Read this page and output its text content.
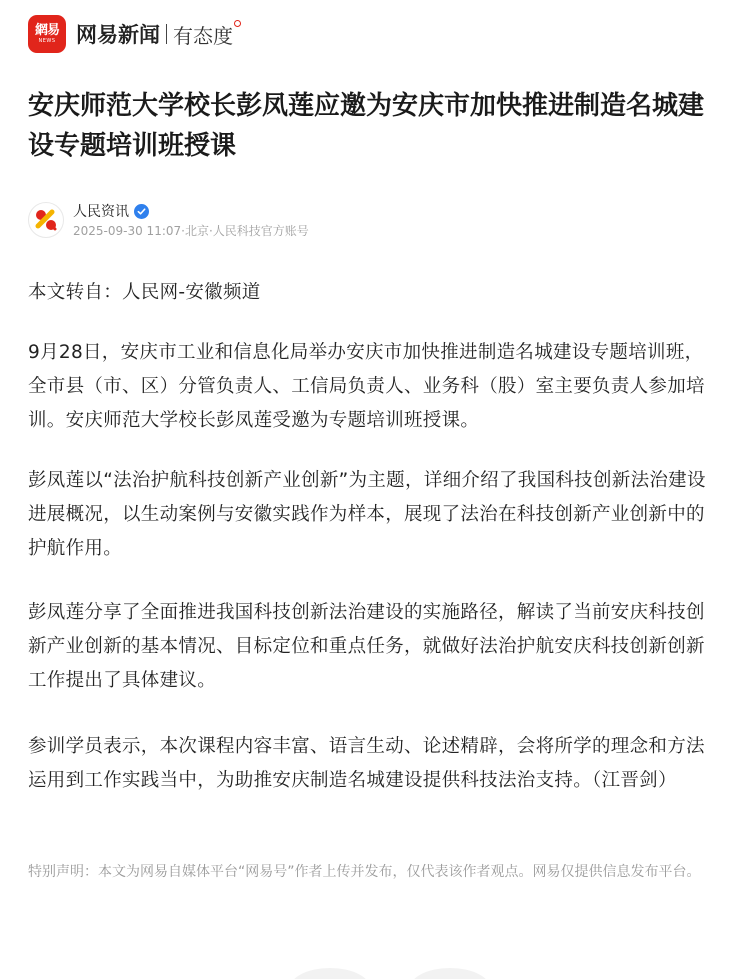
網易
NEWS 网易新闻 有态度
安庆师范大学校长彭凤莲应邀为安庆市加快推进制造名城建设专题培训班授课
人民资讯
2025-09-30 11:07·北京·人民科技官方账号

本文转自：人民网-安徽频道

9月28日，安庆市工业和信息化局举办安庆市加快推进制造名城建设专题培训班，全市县（市、区）分管负责人、工信局负责人、业务科（股）室主要负责人参加培训。安庆师范大学校长彭凤莲受邀为专题培训班授课。

彭凤莲以“法治护航科技创新产业创新”为主题，详细介绍了我国科技创新法治建设进展概况，以生动案例与安徽实践作为样本，展现了法治在科技创新产业创新中的护航作用。

彭凤莲分享了全面推进我国科技创新法治建设的实施路径，解读了当前安庆科技创新产业创新的基本情况、目标定位和重点任务，就做好法治护航安庆科技创新创新工作提出了具体建议。

参训学员表示，本次课程内容丰富、语言生动、论述精辟，会将所学的理念和方法运用到工作实践当中，为助推安庆制造名城建设提供科技法治支持。（江晋剑）

特别声明：本文为网易自媒体平台“网易号”作者上传并发布，仅代表该作者观点。网易仅提供信息发布平台。
